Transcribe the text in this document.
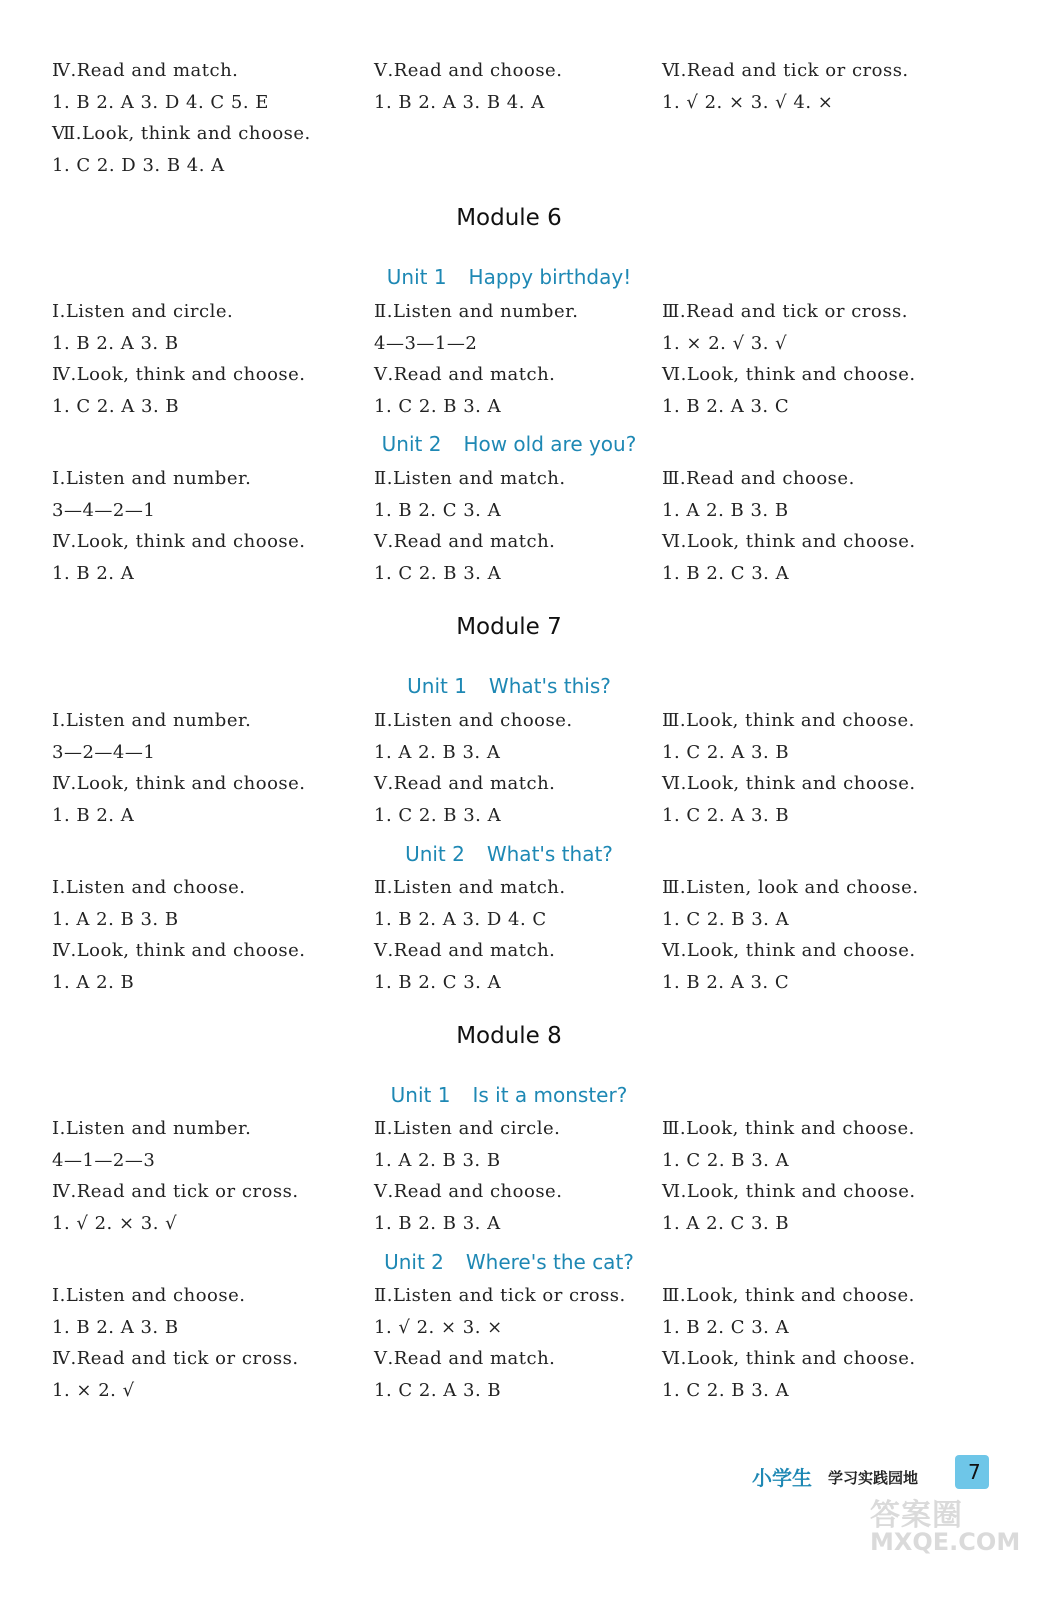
Ⅳ.Read and match.
1. B 2. A 3. D 4. C 5. E
Ⅶ.Look, think and choose.
1. C 2. D 3. B 4. A
Ⅴ.Read and choose.
1. B 2. A 3. B 4. A
Ⅵ.Read and tick or cross.
1. √ 2. × 3. √ 4. ×
Module 6
Unit 1 Happy birthday!
Ⅰ.Listen and circle.
1. B 2. A 3. B
Ⅳ.Look, think and choose.
1. C 2. A 3. B
Ⅱ.Listen and number.
4—3—1—2
Ⅴ.Read and match.
1. C 2. B 3. A
Ⅲ.Read and tick or cross.
1. × 2. √ 3. √
Ⅵ.Look, think and choose.
1. B 2. A 3. C
Unit 2 How old are you?
Ⅰ.Listen and number.
3—4—2—1
Ⅳ.Look, think and choose.
1. B 2. A
Ⅱ.Listen and match.
1. B 2. C 3. A
Ⅴ.Read and match.
1. C 2. B 3. A
Ⅲ.Read and choose.
1. A 2. B 3. B
Ⅵ.Look, think and choose.
1. B 2. C 3. A
Module 7
Unit 1 What's this?
Ⅰ.Listen and number.
3—2—4—1
Ⅳ.Look, think and choose.
1. B 2. A
Ⅱ.Listen and choose.
1. A 2. B 3. A
Ⅴ.Read and match.
1. C 2. B 3. A
Ⅲ.Look, think and choose.
1. C 2. A 3. B
Ⅵ.Look, think and choose.
1. C 2. A 3. B
Unit 2 What's that?
Ⅰ.Listen and choose.
1. A 2. B 3. B
Ⅳ.Look, think and choose.
1. A 2. B
Ⅱ.Listen and match.
1. B 2. A 3. D 4. C
Ⅴ.Read and match.
1. B 2. C 3. A
Ⅲ.Listen, look and choose.
1. C 2. B 3. A
Ⅵ.Look, think and choose.
1. B 2. A 3. C
Module 8
Unit 1 Is it a monster?
Ⅰ.Listen and number.
4—1—2—3
Ⅳ.Read and tick or cross.
1. √ 2. × 3. √
Ⅱ.Listen and circle.
1. A 2. B 3. B
Ⅴ.Read and choose.
1. B 2. B 3. A
Ⅲ.Look, think and choose.
1. C 2. B 3. A
Ⅵ.Look, think and choose.
1. A 2. C 3. B
Unit 2 Where's the cat?
Ⅰ.Listen and choose.
1. B 2. A 3. B
Ⅳ.Read and tick or cross.
1. × 2. √
Ⅱ.Listen and tick or cross.
1. √ 2. × 3. ×
Ⅴ.Read and match.
1. C 2. A 3. B
Ⅲ.Look, think and choose.
1. B 2. C 3. A
Ⅵ.Look, think and choose.
1. C 2. B 3. A
小学生 学习实践园地 7
答案圈
MXQE.COM
